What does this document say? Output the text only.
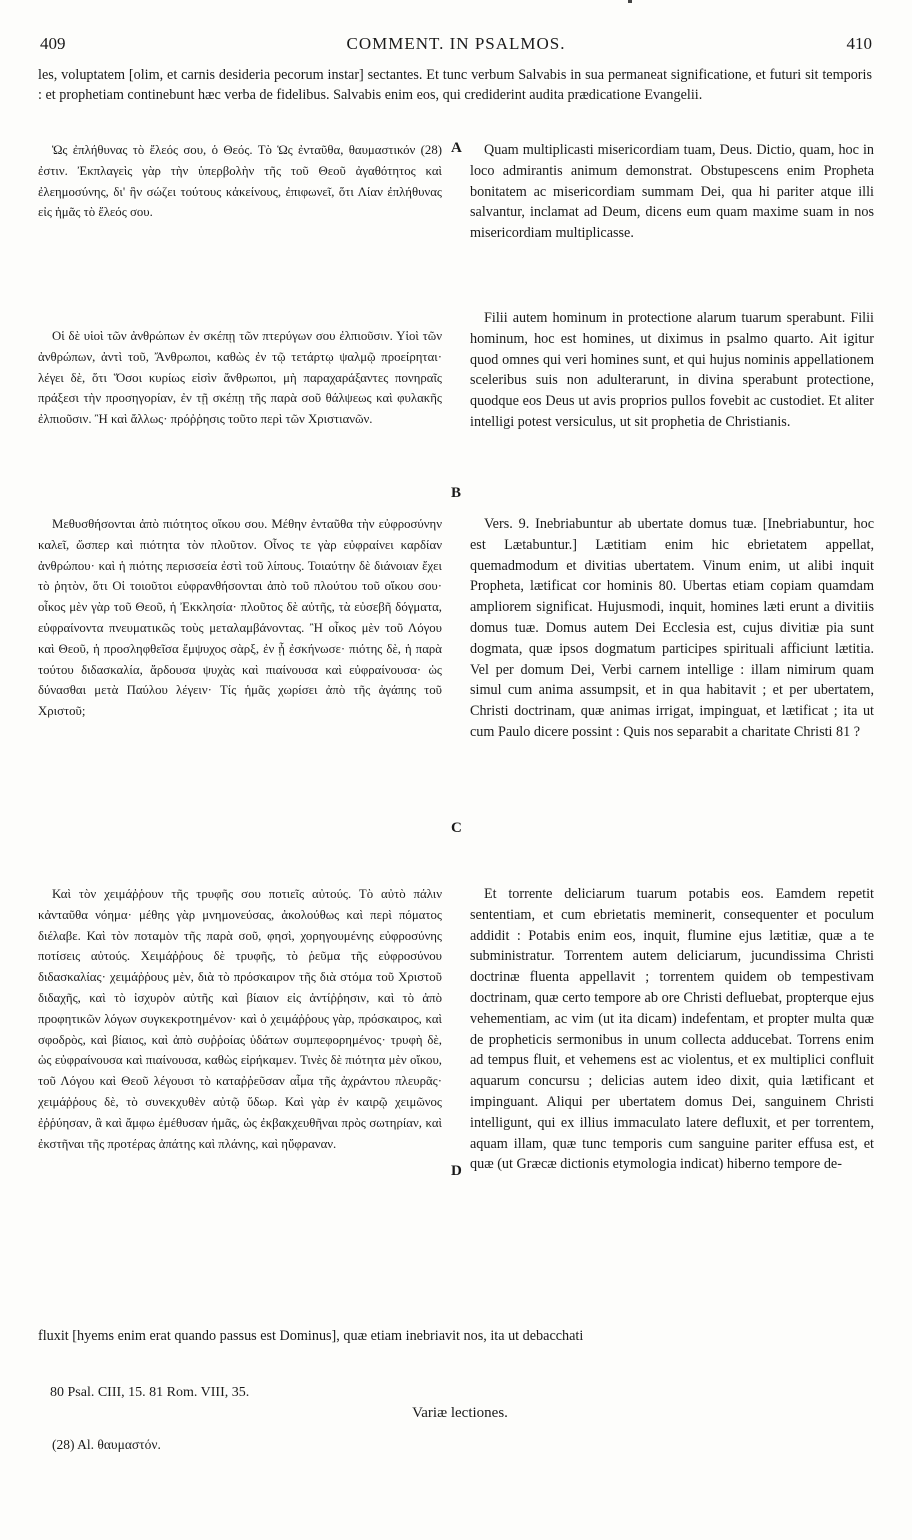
409	COMMENT. IN PSALMOS.	410
les, voluptatem [olim, et carnis desideria pecorum instar] sectantes. Et tunc verbum Salvabis in sua permaneat significatione, et futuri sit temporis : et prophetiam continebunt hæc verba de fidelibus. Salvabis enim eos, qui crediderint audita prædicatione Evangelii.

Ὡς ἐπλήθυνας τὸ ἔλεός σου, ὁ Θεός. Τὸ Ὡς ἐνταῦθα, θαυμαστικόν (28) ἐστιν. Ἐκπλαγεὶς γὰρ τὴν ὑπερβολὴν τῆς τοῦ Θεοῦ ἀγαθότητος καὶ ἐλεημοσύνης, δι' ἣν σώζει τούτους κἀκείνους, ἐπιφωνεῖ, ὅτι Λίαν ἐπλήθυνας εἰς ἡμᾶς τὸ ἔλεός σου.

Οἱ δὲ υἱοὶ τῶν ἀνθρώπων ἐν σκέπῃ τῶν πτερύγων σου ἐλπιοῦσιν. Υἱοὶ τῶν ἀνθρώπων, ἀντὶ τοῦ, Ἄνθρωποι, καθὼς ἐν τῷ τετάρτῳ ψαλμῷ προείρηται· λέγει δὲ, ὅτι Ὅσοι κυρίως εἰσὶν ἄνθρωποι, μὴ παραχαράξαντες πονηραῖς πράξεσι τὴν προσηγορίαν, ἐν τῇ σκέπῃ τῆς παρὰ σοῦ θάλψεως καὶ φυλακῆς ἐλπιοῦσιν. Ἢ καὶ ἄλλως· πρόῤῥησις τοῦτο περὶ τῶν Χριστιανῶν.

Μεθυσθήσονται ἀπὸ πιότητος οἴκου σου. Μέθην ἐνταῦθα τὴν εὐφροσύνην καλεῖ, ὥσπερ καὶ πιότητα τὸν πλοῦτον. Οἶνος τε γὰρ εὐφραίνει καρδίαν ἀνθρώπου· καὶ ἡ πιότης περισσεία ἐστὶ τοῦ λίπους. Τοιαύτην δὲ διάνοιαν ἔχει τὸ ῥητὸν, ὅτι Οἱ τοιοῦτοι εὐφρανθήσονται ἀπὸ τοῦ πλούτου τοῦ οἴκου σου· οἶκος μὲν γὰρ τοῦ Θεοῦ, ἡ Ἐκκλησία· πλοῦτος δὲ αὐτῆς, τὰ εὐσεβῆ δόγματα, εὐφραίνοντα πνευματικῶς τοὺς μεταλαμβάνοντας. Ἢ οἶκος μὲν τοῦ Λόγου καὶ Θεοῦ, ἡ προσληφθεῖσα ἔμψυχος σὰρξ, ἐν ᾗ ἐσκήνωσε· πιότης δὲ, ἡ παρὰ τούτου διδασκαλία, ἄρδουσα ψυχὰς καὶ πιαίνουσα καὶ εὐφραίνουσα· ὡς δύνασθαι μετὰ Παύλου λέγειν· Τίς ἡμᾶς χωρίσει ἀπὸ τῆς ἀγάπης τοῦ Χριστοῦ;

Καὶ τὸν χειμάῤῥουν τῆς τρυφῆς σου ποτιεῖς αὐτούς. Τὸ αὐτὸ πάλιν κἀνταῦθα νόημα· μέθης γὰρ μνημονεύσας, ἀκολούθως καὶ περὶ πόματος διέλαβε. Καὶ τὸν ποταμὸν τῆς παρὰ σοῦ, φησὶ, χορηγουμένης εὐφροσύνης ποτίσεις αὐτούς. Χειμάῤῥους δὲ τρυφῆς, τὸ ῥεῦμα τῆς εὐφροσύνου διδασκαλίας· χειμάῤῥους μὲν, διὰ τὸ πρόσκαιρον τῆς διὰ στόμα τοῦ Χριστοῦ διδαχῆς, καὶ τὸ ἰσχυρὸν αὐτῆς καὶ βίαιον εἰς ἀντίῤῥησιν, καὶ τὸ ἀπὸ προφητικῶν λόγων συγκεκροτημένον· καὶ ὁ χειμάῤῥους γὰρ, πρόσκαιρος, καὶ σφοδρὸς, καὶ βίαιος, καὶ ἀπὸ συῤῥοίας ὑδάτων συμπεφορημένος· τρυφὴ δὲ, ὡς εὐφραίνουσα καὶ πιαίνουσα, καθὼς εἰρήκαμεν. Τινὲς δὲ πιότητα μὲν οἴκου, τοῦ Λόγου καὶ Θεοῦ λέγουσι τὸ καταῤῥεῦσαν αἷμα τῆς ἀχράντου πλευρᾶς· χειμάῤῥους δὲ, τὸ συνεκχυθὲν αὐτῷ ὕδωρ. Καὶ γὰρ ἐν καιρῷ χειμῶνος ἐῤῥύησαν, ἃ καὶ ἄμφω ἐμέθυσαν ἡμᾶς, ὡς ἐκβακχευθῆναι πρὸς σωτηρίαν, καὶ ἐκστῆναι τῆς προτέρας ἀπάτης καὶ πλάνης, καὶ ηὔφραναν.

A
B
C
D

Quam multiplicasti misericordiam tuam, Deus. Dictio, quam, hoc in loco admirantis animum demonstrat. Obstupescens enim Propheta bonitatem ac misericordiam summam Dei, qua hi pariter atque illi salvantur, inclamat ad Deum, dicens eum quam maxime suam in nos misericordiam multiplicasse.

Filii autem hominum in protectione alarum tuarum sperabunt. Filii hominum, hoc est homines, ut diximus in psalmo quarto. Ait igitur quod omnes qui veri homines sunt, et qui hujus nominis appellationem sceleribus suis non adulterarunt, in divina sperabunt protectione, quodque eos Deus ut avis proprios pullos fovebit ac custodiet. Et aliter intelligi potest versiculus, ut sit prophetia de Christianis.

Vers. 9. Inebriabuntur ab ubertate domus tuæ. [Inebriabuntur, hoc est Lætabuntur.] Lætitiam enim hic ebrietatem appellat, quemadmodum et divitias ubertatem. Vinum enim, ut alibi inquit Propheta, lætificat cor hominis 80. Ubertas etiam copiam quamdam ampliorem significat. Hujusmodi, inquit, homines læti erunt a divitiis domus tuæ. Domus autem Dei Ecclesia est, cujus divitiæ pia sunt dogmata, quæ ipsos dogmatum participes spirituali afficiunt lætitia. Vel per domum Dei, Verbi carnem intellige : illam nimirum quam simul cum anima assumpsit, et in qua habitavit ; et per ubertatem, Christi doctrinam, quæ animas irrigat, impinguat, et lætificat ; ita ut cum Paulo dicere possint : Quis nos separabit a charitate Christi 81 ?

Et torrente deliciarum tuarum potabis eos. Eamdem repetit sententiam, et cum ebrietatis meminerit, consequenter et poculum addidit : Potabis enim eos, inquit, flumine ejus lætitiæ, quæ a te subministratur. Torrentem autem deliciarum, jucundissima Christi doctrinæ fluenta appellavit ; torrentem quidem ob tempestivam doctrinam, quæ certo tempore ab ore Christi defluebat, propterque ejus vehementiam, ac vim (ut ita dicam) indefentam, et propter multa quæ de propheticis sermonibus in unum collecta adducebat. Torrens enim ad tempus fluit, et vehemens est ac violentus, et ex multiplici confluit aquarum concursu ; delicias autem ideo dixit, quia lætificant et impinguant. Aliqui per ubertatem domus Dei, sanguinem Christi intelligunt, qui ex illius immaculato latere defluxit, et per torrentem, aquam illam, quæ tunc temporis cum sanguine pariter effusa est, et quæ (ut Græcæ dictionis etymologia indicat) hiberno tempore de-

fluxit [hyems enim erat quando passus est Dominus], quæ etiam inebriavit nos, ita ut debacchati
80 Psal. CIII, 15. 81 Rom. VIII, 35.
Variæ lectiones.
(28) Al. θαυμαστόν.
